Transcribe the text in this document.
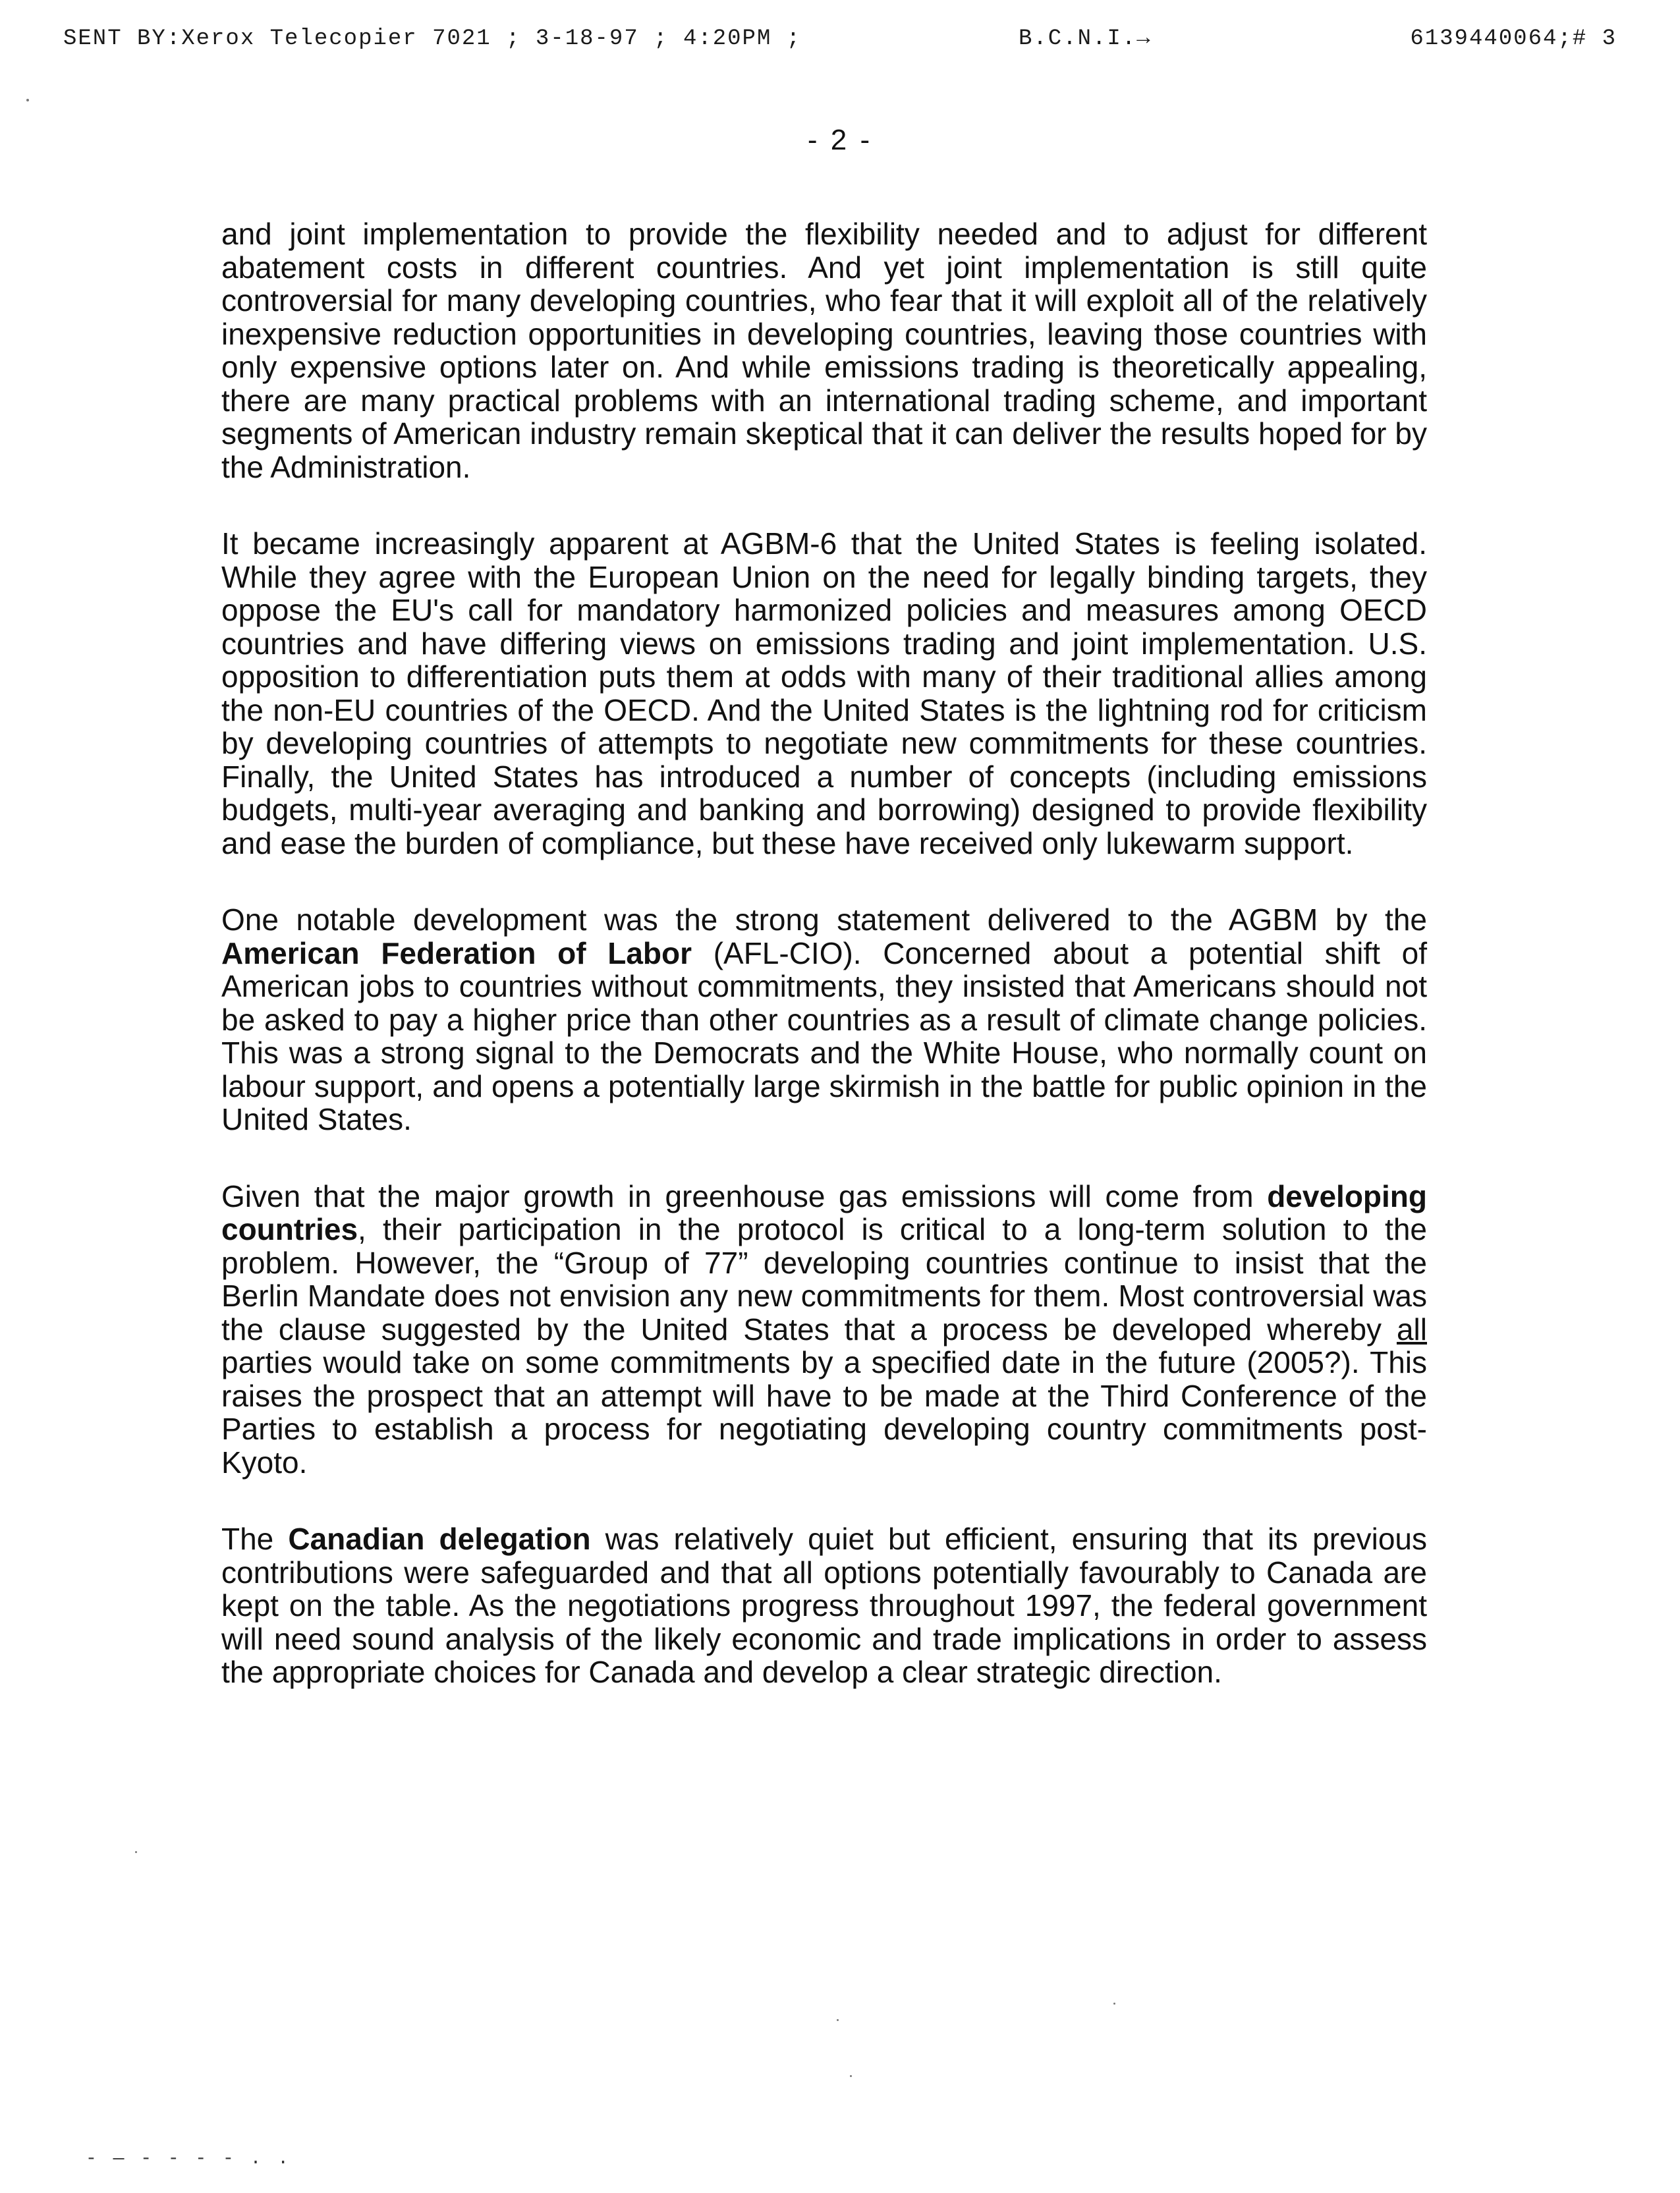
SENT BY:Xerox Telecopier 7021 ; 3-18-97 ; 4:20PM ;	B.C.N.I.→	6139440064;# 3
- 2 -

and joint implementation to provide the flexibility needed and to adjust for different abatement costs in different countries. And yet joint implementation is still quite controversial for many developing countries, who fear that it will exploit all of the relatively inexpensive reduction opportunities in developing countries, leaving those countries with only expensive options later on. And while emissions trading is theoretically appealing, there are many practical problems with an international trading scheme, and important segments of American industry remain skeptical that it can deliver the results hoped for by the Administration.

It became increasingly apparent at AGBM-6 that the United States is feeling isolated. While they agree with the European Union on the need for legally binding targets, they oppose the EU's call for mandatory harmonized policies and measures among OECD countries and have differing views on emissions trading and joint implementation. U.S. opposition to differentiation puts them at odds with many of their traditional allies among the non-EU countries of the OECD. And the United States is the lightning rod for criticism by developing countries of attempts to negotiate new commitments for these countries. Finally, the United States has introduced a number of concepts (including emissions budgets, multi-year averaging and banking and borrowing) designed to provide flexibility and ease the burden of compliance, but these have received only lukewarm support.

One notable development was the strong statement delivered to the AGBM by the American Federation of Labor (AFL-CIO). Concerned about a potential shift of American jobs to countries without commitments, they insisted that Americans should not be asked to pay a higher price than other countries as a result of climate change policies. This was a strong signal to the Democrats and the White House, who normally count on labour support, and opens a potentially large skirmish in the battle for public opinion in the United States.

Given that the major growth in greenhouse gas emissions will come from developing countries, their participation in the protocol is critical to a long-term solution to the problem. However, the “Group of 77” developing countries continue to insist that the Berlin Mandate does not envision any new commitments for them. Most controversial was the clause suggested by the United States that a process be developed whereby all parties would take on some commitments by a specified date in the future (2005?). This raises the prospect that an attempt will have to be made at the Third Conference of the Parties to establish a process for negotiating developing country commitments post-Kyoto.

The Canadian delegation was relatively quiet but efficient, ensuring that its previous contributions were safeguarded and that all options potentially favourably to Canada are kept on the table. As the negotiations progress throughout 1997, the federal government will need sound analysis of the likely economic and trade implications in order to assess the appropriate choices for Canada and develop a clear strategic direction.

- — - - - - . .
